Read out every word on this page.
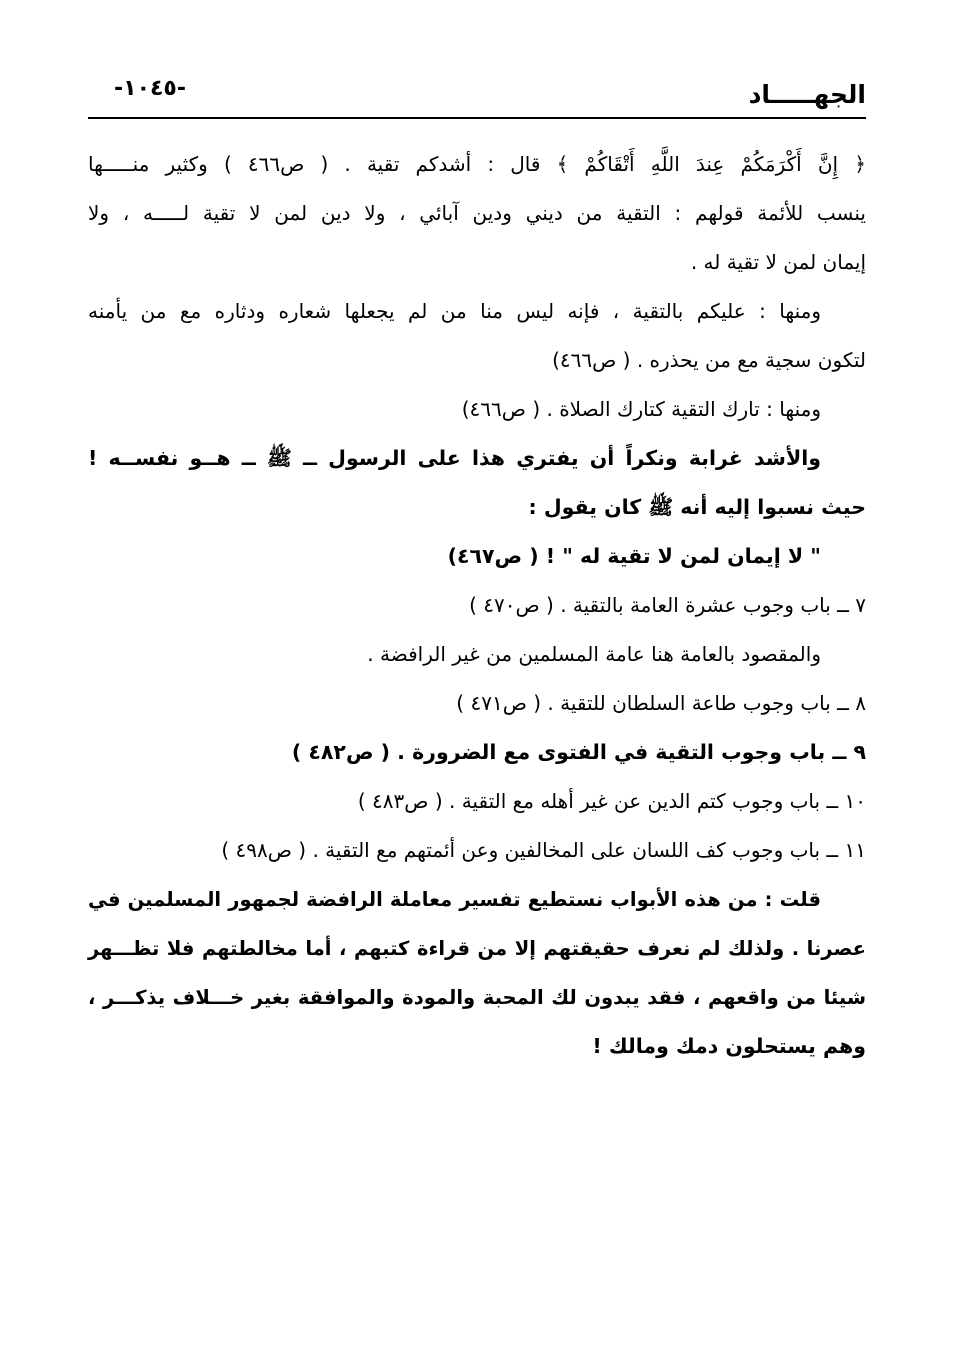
الجهـــــاد
-١٠٤٥-
﴿ إِنَّ أَكْرَمَكُمْ عِندَ اللَّهِ أَتْقَاكُمْ ﴾ قال : أشدكم تقية . ( ص٤٦٦ ) وكثير منـــــها
ينسب للأئمة قولهم : التقية من ديني ودين آبائي ، ولا دين لمن لا تقية لـــــه ، ولا
إيمان لمن لا تقية له .
ومنها : عليكم بالتقية ، فإنه ليس منا من لم يجعلها شعاره ودثاره مع من يأمنه
لتكون سجية مع من يحذره . ( ص٤٦٦)
ومنها : تارك التقية كتارك الصلاة . ( ص٤٦٦)
والأشد غرابة ونكراً أن يفتري هذا على الرسول ــ ﷺ ــ هــو نفســه !
حيث نسبوا إليه أنه ﷺ كان يقول :
" لا إيمان لمن لا تقية له " ! ( ص٤٦٧)
٧ ــ باب وجوب عشرة العامة بالتقية . ( ص٤٧٠ )
والمقصود بالعامة هنا عامة المسلمين من غير الرافضة .
٨ ــ باب وجوب طاعة السلطان للتقية . ( ص٤٧١ )
٩ ــ باب وجوب التقية في الفتوى مع الضرورة . ( ص٤٨٢ )
١٠ ــ باب وجوب كتم الدين عن غير أهله مع التقية . ( ص٤٨٣ )
١١ ــ باب وجوب كف اللسان على المخالفين وعن أئمتهم مع التقية . ( ص٤٩٨ )
قلت : من هذه الأبواب نستطيع تفسير معاملة الرافضة لجمهور المسلمين في
عصرنا . ولذلك لم نعرف حقيقتهم إلا من قراءة كتبهم ، أما مخالطتهم فلا تظـــهر
شيئا من واقعهم ، فقد يبدون لك المحبة والمودة والموافقة بغير خـــلاف يذكـــر ،
وهم يستحلون دمك ومالك !
